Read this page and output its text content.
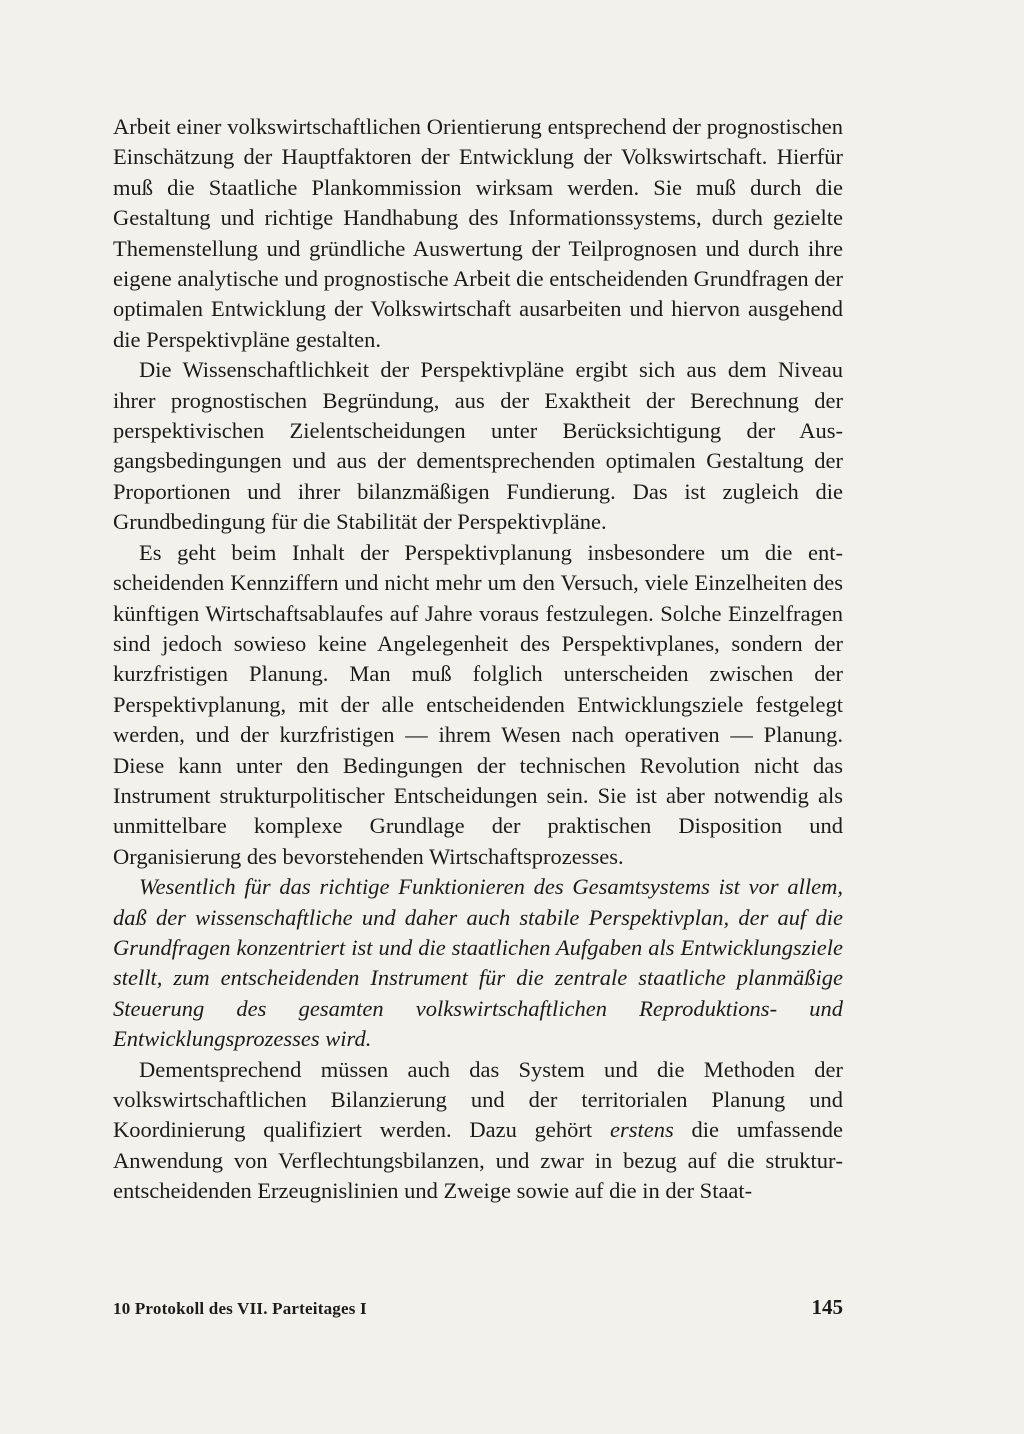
Arbeit einer volkswirtschaftlichen Orientierung entsprechend der prognostischen Einschätzung der Hauptfaktoren der Entwicklung der Volkswirtschaft. Hierfür muß die Staatliche Plankommission wirksam werden. Sie muß durch die Gestaltung und richtige Handhabung des Informationssystems, durch gezielte Themenstellung und gründliche Auswertung der Teilprognosen und durch ihre eigene analytische und prognostische Arbeit die entscheidenden Grundfragen der optimalen Entwicklung der Volkswirtschaft ausarbeiten und hiervon ausgehend die Perspektivpläne gestalten.

Die Wissenschaftlichkeit der Perspektivpläne ergibt sich aus dem Niveau ihrer prognostischen Begründung, aus der Exaktheit der Berechnung der perspektivischen Zielentscheidungen unter Berücksichtigung der Ausgangsbedingungen und aus der dementsprechenden optimalen Gestaltung der Proportionen und ihrer bilanzmäßigen Fundierung. Das ist zugleich die Grundbedingung für die Stabilität der Perspektivpläne.

Es geht beim Inhalt der Perspektivplanung insbesondere um die entscheidenden Kennziffern und nicht mehr um den Versuch, viele Einzelheiten des künftigen Wirtschaftsablaufes auf Jahre voraus festzulegen. Solche Einzelfragen sind jedoch sowieso keine Angelegenheit des Perspektivplanes, sondern der kurzfristigen Planung. Man muß folglich unterscheiden zwischen der Perspektivplanung, mit der alle entscheidenden Entwicklungsziele festgelegt werden, und der kurzfristigen — ihrem Wesen nach operativen — Planung. Diese kann unter den Bedingungen der technischen Revolution nicht das Instrument strukturpolitischer Entscheidungen sein. Sie ist aber notwendig als unmittelbare komplexe Grundlage der praktischen Disposition und Organisierung des bevorstehenden Wirtschaftsprozesses.

Wesentlich für das richtige Funktionieren des Gesamtsystems ist vor allem, daß der wissenschaftliche und daher auch stabile Perspektivplan, der auf die Grundfragen konzentriert ist und die staatlichen Aufgaben als Entwicklungsziele stellt, zum entscheidenden Instrument für die zentrale staatliche planmäßige Steuerung des gesamten volkswirtschaftlichen Reproduktions- und Entwicklungsprozesses wird.

Dementsprechend müssen auch das System und die Methoden der volkswirtschaftlichen Bilanzierung und der territorialen Planung und Koordinierung qualifiziert werden. Dazu gehört erstens die umfassende Anwendung von Verflechtungsbilanzen, und zwar in bezug auf die strukturentscheidenden Erzeugnislinien und Zweige sowie auf die in der Staat-

10 Protokoll des VII. Parteitages I	145
